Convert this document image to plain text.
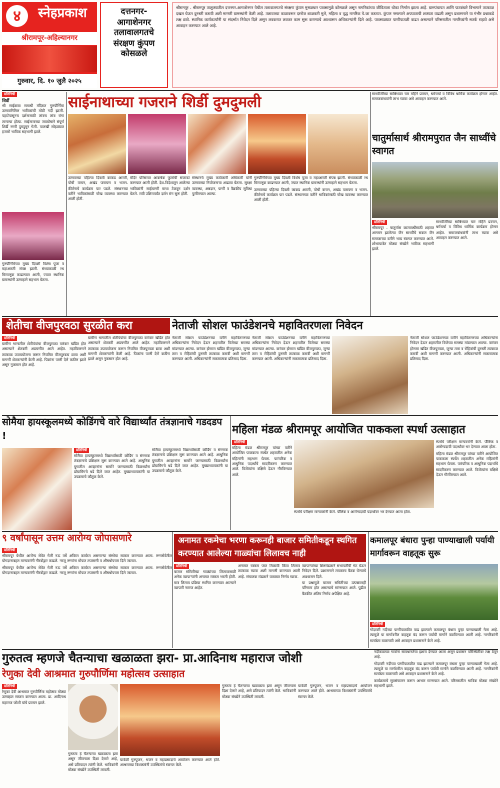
४	स्नेहप्रकाश
श्रीरामपूर-अहिल्यानगर
गुरुवार, दि. १० जुलै २०२५
दत्तनगर-आगाशेनगर तलावालगतचे संरक्षण कुंपण कोसळले

श्रीरामपूर - श्रीरामपूर तालुक्यातील दत्तनगर-आगाशेनगर येथील तलावालगतचे संरक्षण कुंपण मुसळधार पावसामुळे कोसळले असून नागरिकांच्या जीविताला धोका निर्माण झाला आहे. ग्रामपंचायत आणि पाटबंधारे विभागाने तात्काळ दखल घेऊन दुरुस्ती करावी अशी मागणी ग्रामस्थांनी केली आहे. तलावाच्या काठावरून दररोज शाळकरी मुले, महिला व वृद्ध नागरिक ये-जा करतात. कुंपण नसल्याने अपघाताची शक्यता वाढली असून प्रशासनाने या गंभीर प्रश्नाकडे लक्ष द्यावे. स्थानिक कार्यकर्त्यांनी या संदर्भात निवेदन दिले असून लवकरात लवकर काम सुरू करण्याचे आश्वासन अधिकाऱ्यांनी दिले आहे. पावसाळ्यात पाणीपातळी वाढत असल्याने परिसरातील नागरिकांनी सतर्क राहावे असे आवाहन करण्यात आले आहे.

प्रतिनिधी
शिर्डी

श्री साईबाबा समाधी मंदिरात गुरुपौर्णिमा उत्सवानिमित्त भाविकांची मोठी गर्दी झाली. पहाटेपासूनच दर्शनासाठी लांबच लांब रांगा लागल्या होत्या. साईनामाच्या जयघोषाने संपूर्ण शिर्डी नगरी दुमदुमून गेली. पालखी सोहळ्यात हजारो भाविक सहभागी झाले.

गुरुपौर्णिमेच्या मुख्य दिवशी विशेष पूजा व महाआरती संपन्न झाली. संध्याकाळी रथ मिरवणूक काढण्यात आली, ज्यात स्थानिक ग्रामस्थांनी उत्साहाने सहभाग घेतला.

साईनाथाच्या गजराने शिर्डी दुमदुमली

उत्सवाच्या पहिल्या दिवशी काकड आरती, पोथी वाचन, अखंड पारायण व भजन-कीर्तनाचे कार्यक्रम पार पडले. संस्थानच्या वतीने भाविकांसाठी चोख व्यवस्था करण्यात आली होती.

मंदिर परिसरात आकर्षक फुलांची सजावट करण्यात आली होती. देश-विदेशातून आलेल्या भाविकांनी साईचरणी माथा टेकवून दर्शन घेतले. रात्री उशिरापर्यंत दर्शन रांग सुरू होती.

संस्थानचे मुख्य कार्यकारी अधिकारी यांनी उत्सवाच्या नियोजनाचा आढावा घेतला. सुरक्षा व्यवस्था, अन्नदान, पाणी व वैद्यकीय सुविधा पुरविण्यात आल्या.

गुरुपौर्णिमेच्या मुख्य दिवशी विशेष पूजा व महाआरती संपन्न झाली. संध्याकाळी रथ मिरवणूक काढण्यात आली, ज्यात स्थानिक ग्रामस्थांनी उत्साहाने सहभाग घेतला.

उत्सवाच्या पहिल्या दिवशी काकड आरती, पोथी वाचन, अखंड पारायण व भजन-कीर्तनाचे कार्यक्रम पार पडले. संस्थानच्या वतीने भाविकांसाठी चोख व्यवस्था करण्यात आली होती.

साध्वीजींच्या सान्निध्यात चार महिने प्रवचन, धर्मचर्चा व विविध धार्मिक कार्यक्रम होणार आहेत. समाजबांधवांनी लाभ घ्यावा असे आवाहन करण्यात आले.

चातुर्मासार्थ श्रीरामपुरात जैन साध्वींचे स्वागत
प्रतिनिधी

श्रीरामपूर - चातुर्मास कालावधीसाठी शहरात आगमन झालेल्या जैन साध्वींचे सकल जैन समाजाच्या वतीने भव्य स्वागत करण्यात आले. शोभायात्रेत मोठ्या संख्येने भाविक सहभागी झाले.

साध्वीजींच्या सान्निध्यात चार महिने प्रवचन, धर्मचर्चा व विविध धार्मिक कार्यक्रम होणार आहेत. समाजबांधवांनी लाभ घ्यावा असे आवाहन करण्यात आले.

शेतीचा वीजपुरवठा सुरळीत करा	नेताजी सोशल फाउंडेशनचे महावितरणला निवेदन
प्रतिनिधी

ग्रामीण भागातील शेतीपंपांचा वीजपुरवठा वारंवार खंडित होत असल्याने शेतकरी अडचणीत आले आहेत. महावितरणने तात्काळ उपाययोजना करून नियमित वीजपुरवठा द्यावा अशी मागणी शेतकऱ्यांनी केली आहे. पिकांना पाणी देणे कठीण झाले असून नुकसान होत आहे.

ग्रामीण भागातील शेतीपंपांचा वीजपुरवठा वारंवार खंडित होत असल्याने शेतकरी अडचणीत आले आहेत. महावितरणने तात्काळ उपाययोजना करून नियमित वीजपुरवठा द्यावा अशी मागणी शेतकऱ्यांनी केली आहे. पिकांना पाणी देणे कठीण झाले असून नुकसान होत आहे.

नेताजी सोशल फाउंडेशनच्या वतीने महावितरणच्या अधिकाऱ्यांना निवेदन देऊन शहरातील विजेच्या समस्या मांडण्यात आल्या. वारंवार होणारा खंडित वीजपुरवठा, जुन्या तारा व रोहित्रांची दुरुस्ती तात्काळ करावी अशी मागणी करण्यात आली. अधिकाऱ्यांनी सकारात्मक प्रतिसाद दिला.

नेताजी सोशल फाउंडेशनच्या वतीने महावितरणच्या अधिकाऱ्यांना निवेदन देऊन शहरातील विजेच्या समस्या मांडण्यात आल्या. वारंवार होणारा खंडित वीजपुरवठा, जुन्या तारा व रोहित्रांची दुरुस्ती तात्काळ करावी अशी मागणी करण्यात आली. अधिकाऱ्यांनी सकारात्मक प्रतिसाद दिला.

नेताजी सोशल फाउंडेशनच्या वतीने महावितरणच्या अधिकाऱ्यांना निवेदन देऊन शहरातील विजेच्या समस्या मांडण्यात आल्या. वारंवार होणारा खंडित वीजपुरवठा, जुन्या तारा व रोहित्रांची दुरुस्ती तात्काळ करावी अशी मागणी करण्यात आली. अधिकाऱ्यांनी सकारात्मक प्रतिसाद दिला.

सोमैया हायस्कूलमध्ये कोडिंगचे वारे विद्यार्थ्यांत तंत्रज्ञानाचे गडदडप !
प्रतिनिधी

सोमैया हायस्कूलमध्ये विद्यार्थ्यांसाठी कोडिंग व संगणक तंत्रज्ञानाचे प्रशिक्षण सुरू करण्यात आले आहे. आधुनिक युगातील आव्हानांना सामोरे जाण्यासाठी विद्यार्थ्यांना प्रोग्रामिंगचे धडे दिले जात आहेत. मुख्याध्यापकांनी या उपक्रमाचे कौतुक केले.

सोमैया हायस्कूलमध्ये विद्यार्थ्यांसाठी कोडिंग व संगणक तंत्रज्ञानाचे प्रशिक्षण सुरू करण्यात आले आहे. आधुनिक युगातील आव्हानांना सामोरे जाण्यासाठी विद्यार्थ्यांना प्रोग्रामिंगचे धडे दिले जात आहेत. मुख्याध्यापकांनी या उपक्रमाचे कौतुक केले.

महिला मंडळ श्रीरामपूर आयोजित पाककला स्पर्धा उत्साहात
प्रतिनिधी

महिला मंडळ श्रीरामपूर यांच्या वतीने आयोजित पाककला स्पर्धेत शहरातील अनेक महिलांनी सहभाग घेतला. पारंपरिक व आधुनिक पदार्थांचे सादरीकरण करण्यात आले. विजेत्यांना बक्षिसे देऊन गौरविण्यात आले.

स्पर्धेचे परीक्षण मान्यवरांनी केले. पौष्टिक व आरोग्यदायी पदार्थांवर भर देण्यात आला होता.

स्पर्धेचे परीक्षण मान्यवरांनी केले. पौष्टिक व आरोग्यदायी पदार्थांवर भर देण्यात आला होता.

महिला मंडळ श्रीरामपूर यांच्या वतीने आयोजित पाककला स्पर्धेत शहरातील अनेक महिलांनी सहभाग घेतला. पारंपरिक व आधुनिक पदार्थांचे सादरीकरण करण्यात आले. विजेत्यांना बक्षिसे देऊन गौरविण्यात आले.

९ वर्षांपासून उत्तम आरोग्य जोपासणारे
प्रतिनिधी

श्रीरामपूर येथील आरोग्य सेवेत गेली नऊ वर्षे अविरत कार्यरत असणाऱ्या संस्थेचा सत्कार करण्यात आला. रुग्णसेवेतील योगदानाबद्दल मान्यवरांनी गौरवोद्गार काढले. गरजू रुग्णांना मोफत तपासणी व औषधोपचार दिले जातात.

श्रीरामपूर येथील आरोग्य सेवेत गेली नऊ वर्षे अविरत कार्यरत असणाऱ्या संस्थेचा सत्कार करण्यात आला. रुग्णसेवेतील योगदानाबद्दल मान्यवरांनी गौरवोद्गार काढले. गरजू रुग्णांना मोफत तपासणी व औषधोपचार दिले जातात.

अनामत रकमेचा भरणा करूनही बाजार समितीकडून स्थगित करण्यात आलेल्या गाळ्यांचा लिलावच नाही
प्रतिनिधी

बाजार समितीच्या गाळ्यांच्या लिलावासाठी अनेक व्यापाऱ्यांनी अनामत रक्कम भरली होती. मात्र लिलाव प्रक्रिया स्थगित करण्यात आल्याने व्यापारी नाराज आहेत.

अनामत रक्कम परत मिळावी किंवा लिलाव तात्काळ घ्यावा अशी मागणी करण्यात आली आहे. संचालक मंडळाने याबाबत निर्णय घ्यावा.

व्यापाऱ्यांच्या शिष्टमंडळाने सभापतींची भेट घेऊन निवेदन दिले. प्रशासनाने लवकरच बैठक घेण्याचे आश्वासन दिले.

या प्रश्नामुळे बाजार समितीच्या उत्पन्नावरही परिणाम होत असल्याचे सांगण्यात आले. पुढील बैठकीत अंतिम निर्णय अपेक्षित आहे.

कमालपूर बंधारा पुन्हा पाण्याखाली पर्यायी मार्गावरून वाहतूक सुरू
प्रतिनिधी

गोदावरी नदीच्या पाणीपातळीत वाढ झाल्याने कमालपूर बंधारा पुन्हा पाण्याखाली गेला आहे. त्यामुळे या मार्गावरील वाहतूक बंद करून पर्यायी मार्गाने वळविण्यात आली आहे. नागरिकांनी सतर्कता बाळगावी असे आवाहन प्रशासनाने केले आहे.

गुरुतत्व म्हणजे चैतन्याचा खळाळता झरा- प्रा.आदिनाथ महाराज जोशी
रेणुका देवी आश्रमात गुरुपौर्णिमा महोत्सव उत्साहात
प्रतिनिधी

रेणुका देवी आश्रमात गुरुपौर्णिमा महोत्सव मोठ्या उत्साहात साजरा करण्यात आला. प्रा. आदिनाथ महाराज जोशी यांचे प्रवचन झाले.

गुरुतत्व हे चैतन्याचा खळाळता झरा असून जीवनाला दिशा देणारे आहे, असे प्रतिपादन त्यांनी केले. भाविकांनी मोठ्या संख्येने उपस्थिती लावली.

यावेळी गुरुपूजन, भजन व महाप्रसादाचे आयोजन करण्यात आले होते. आश्रमाच्या विश्वस्तांनी उपस्थितांचे स्वागत केले.

गुरुतत्व हे चैतन्याचा खळाळता झरा असून जीवनाला दिशा देणारे आहे, असे प्रतिपादन त्यांनी केले. भाविकांनी मोठ्या संख्येने उपस्थिती लावली.

यावेळी गुरुपूजन, भजन व महाप्रसादाचे आयोजन करण्यात आले होते. आश्रमाच्या विश्वस्तांनी उपस्थितांचे स्वागत केले.

नदीकाठच्या गावांना सावधानतेचा इशारा देण्यात आला असून प्रशासन परिस्थितीवर लक्ष ठेवून आहे.

गोदावरी नदीच्या पाणीपातळीत वाढ झाल्याने कमालपूर बंधारा पुन्हा पाण्याखाली गेला आहे. त्यामुळे या मार्गावरील वाहतूक बंद करून पर्यायी मार्गाने वळविण्यात आली आहे. नागरिकांनी सतर्कता बाळगावी असे आवाहन प्रशासनाने केले आहे.

कार्यक्रमाचे सूत्रसंचालन करून आभार मानण्यात आले. परिसरातील भाविक मोठ्या संख्येने सहभागी झाले.
